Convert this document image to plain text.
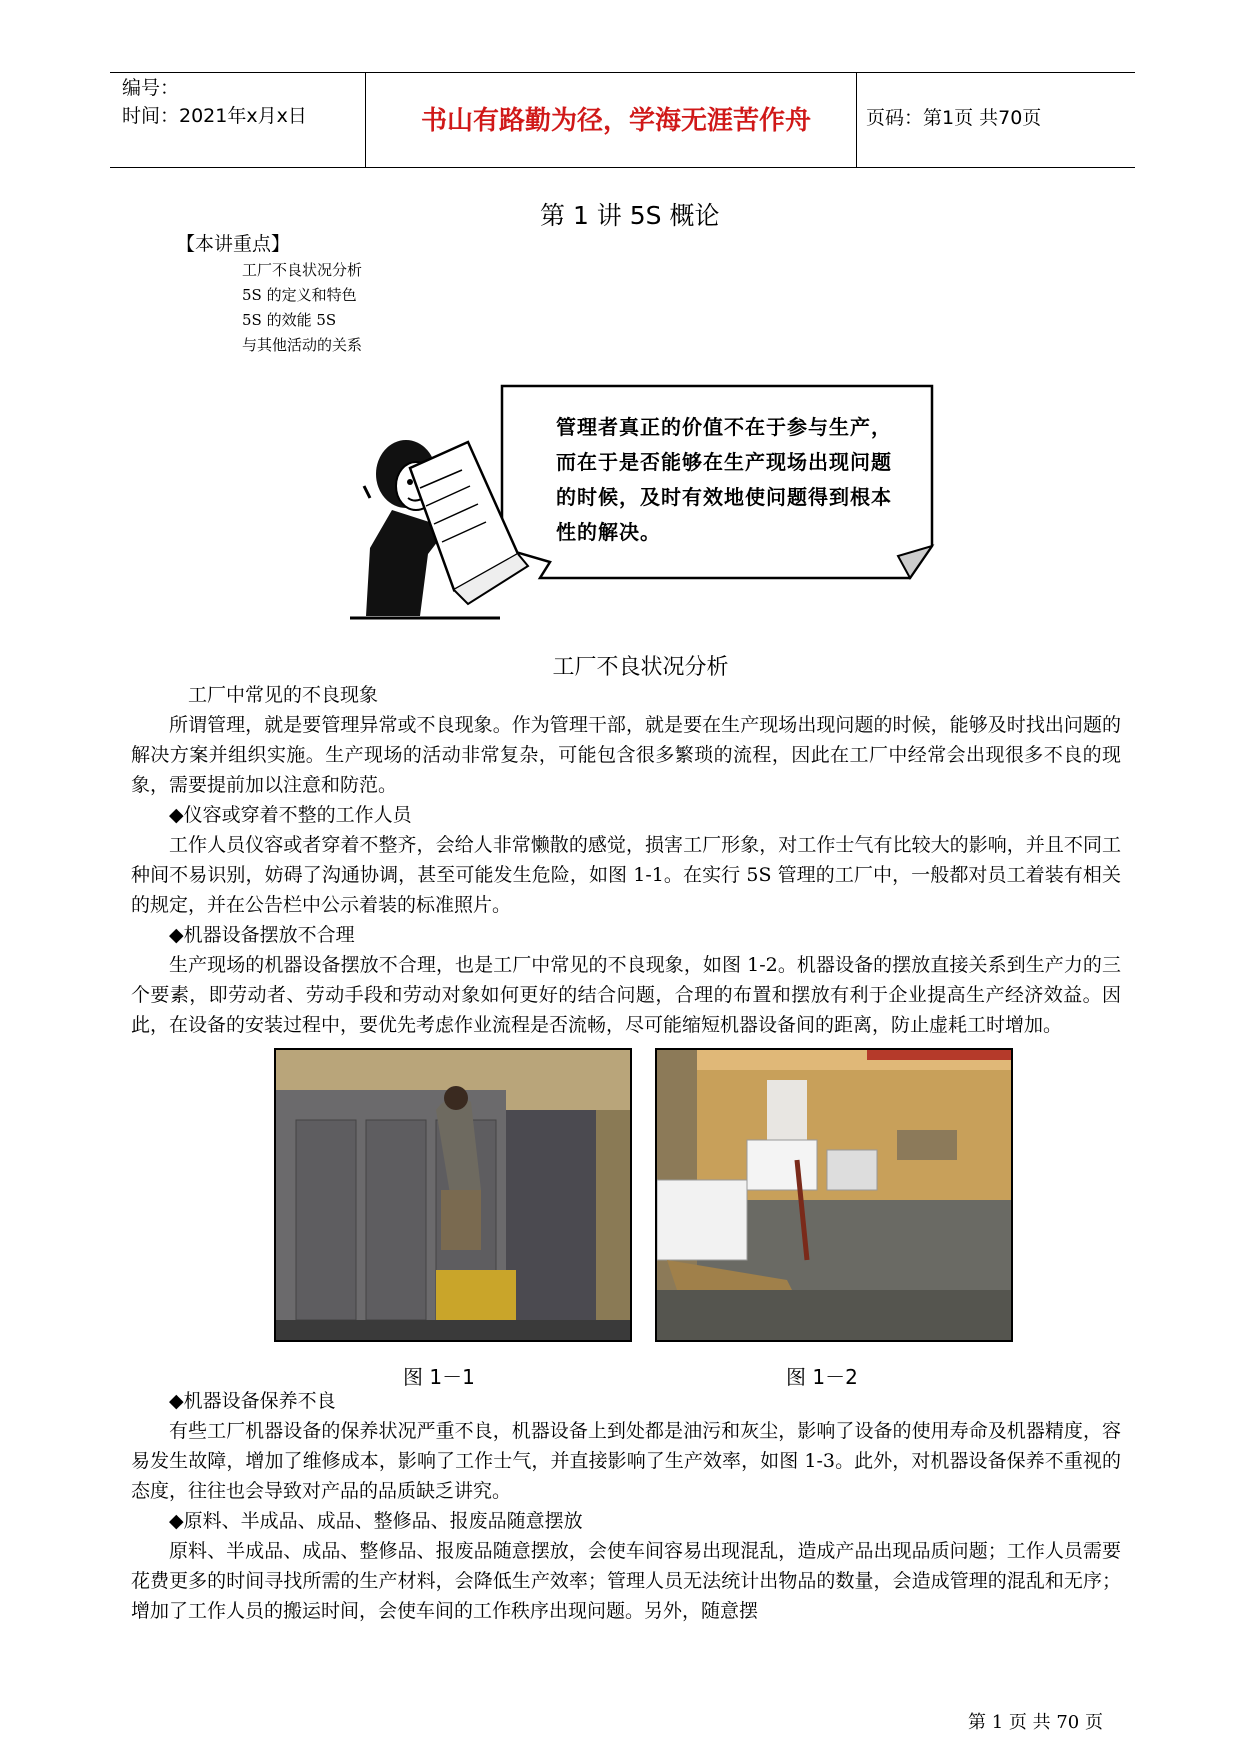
编号：
时间：2021年x月x日	书山有路勤为径，学海无涯苦作舟	页码：第1页 共70页
第 1 讲 5S 概论
【本讲重点】
工厂不良状况分析
5S 的定义和特色
5S 的效能 5S
与其他活动的关系
管理者真正的价值不在于参与生产，而在于是否能够在生产现场出现问题的时候，及时有效地使问题得到根本性的解决。
工厂不良状况分析

工厂中常见的不良现象

所谓管理，就是要管理异常或不良现象。作为管理干部，就是要在生产现场出现问题的时候，能够及时找出问题的解决方案并组织实施。生产现场的活动非常复杂，可能包含很多繁琐的流程，因此在工厂中经常会出现很多不良的现象，需要提前加以注意和防范。

◆仪容或穿着不整的工作人员

工作人员仪容或者穿着不整齐，会给人非常懒散的感觉，损害工厂形象，对工作士气有比较大的影响，并且不同工种间不易识别，妨碍了沟通协调，甚至可能发生危险，如图 1-1。在实行 5S 管理的工厂中，一般都对员工着装有相关的规定，并在公告栏中公示着装的标准照片。

◆机器设备摆放不合理

生产现场的机器设备摆放不合理，也是工厂中常见的不良现象，如图 1-2。机器设备的摆放直接关系到生产力的三个要素，即劳动者、劳动手段和劳动对象如何更好的结合问题，合理的布置和摆放有利于企业提高生产经济效益。因此，在设备的安装过程中，要优先考虑作业流程是否流畅，尽可能缩短机器设备间的距离，防止虚耗工时增加。

图 1－1	图 1－2

◆机器设备保养不良

有些工厂机器设备的保养状况严重不良，机器设备上到处都是油污和灰尘，影响了设备的使用寿命及机器精度，容易发生故障，增加了维修成本，影响了工作士气，并直接影响了生产效率，如图 1-3。此外，对机器设备保养不重视的态度，往往也会导致对产品的品质缺乏讲究。

◆原料、半成品、成品、整修品、报废品随意摆放

原料、半成品、成品、整修品、报废品随意摆放，会使车间容易出现混乱，造成产品出现品质问题；工作人员需要花费更多的时间寻找所需的生产材料，会降低生产效率；管理人员无法统计出物品的数量，会造成管理的混乱和无序；增加了工作人员的搬运时间，会使车间的工作秩序出现问题。另外，随意摆

第 1 页 共 70 页
